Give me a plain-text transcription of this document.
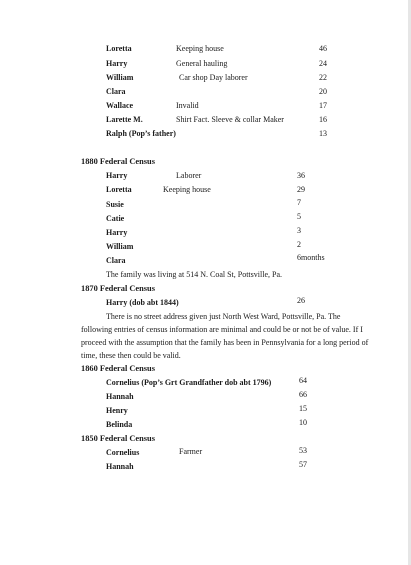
Loretta	Keeping house	46
Harry	General hauling	24
William	Car shop Day laborer	22
Clara	20
Wallace	Invalid	17
Larette M.	Shirt Fact. Sleeve & collar Maker	16
Ralph (Pop’s father)	13
1880 Federal Census
Harry	Laborer	36
Loretta	Keeping house	29
Susie	7
Catie	5
Harry	3
William	2
Clara	6months
The family was living at 514 N. Coal St, Pottsville, Pa.
1870 Federal Census
Harry (dob abt 1844)	26
There is no street address given just North West Ward, Pottsville, Pa. The
following entries of census information are minimal and could be or not be of value. If I
proceed with the assumption that the family has been in Pennsylvania for a long period of
time, these then could be valid.
1860 Federal Census
Cornelius (Pop’s Grt Grandfather dob abt 1796)	64
Hannah	66
Henry	15
Belinda	10
1850 Federal Census
Cornelius	Farmer	53
Hannah	57
